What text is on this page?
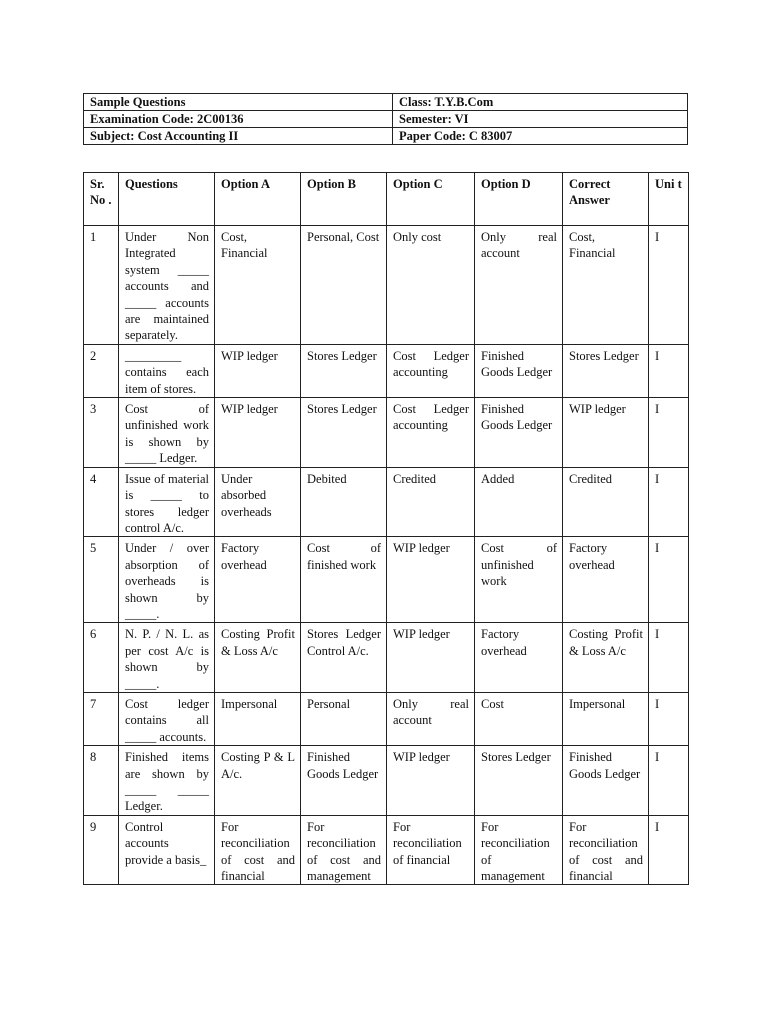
Sample Questions	Class: T.Y.B.Com
Examination Code: 2C00136	Semester: VI
Subject: Cost Accounting II	Paper Code: C 83007
Sr. No .	Questions	Option A	Option B	Option C	Option D	Correct Answer	Uni t
1	Under Non Integrated system _____ accounts and _____ accounts are maintained separately.	Cost, Financial	Personal, Cost	Only cost	Only real account	Cost, Financial	I
2	_________ contains each item of stores.	WIP ledger	Stores Ledger	Cost Ledger accounting	Finished Goods Ledger	Stores Ledger	I
3	Cost of unfinished work is shown by _____ Ledger.	WIP ledger	Stores Ledger	Cost Ledger accounting	Finished Goods Ledger	WIP ledger	I
4	Issue of material is _____ to stores ledger control A/c.	Under absorbed overheads	Debited	Credited	Added	Credited	I
5	Under / over absorption of overheads is shown by _____.	Factory overhead	Cost of finished work	WIP ledger	Cost of unfinished work	Factory overhead	I
6	N. P. / N. L. as per cost A/c is shown by _____.	Costing Profit & Loss A/c	Stores Ledger Control A/c.	WIP ledger	Factory overhead	Costing Profit & Loss A/c	I
7	Cost ledger contains all _____ accounts.	Impersonal	Personal	Only real account	Cost	Impersonal	I
8	Finished items are shown by _____ _____ Ledger.	Costing P & L A/c.	Finished Goods Ledger	WIP ledger	Stores Ledger	Finished Goods Ledger	I
9	Control accounts provide a basis_	For reconciliation of cost and financial	For reconciliation of cost and management	For reconciliation of financial	For reconciliation of management	For reconciliation of cost and financial	I
